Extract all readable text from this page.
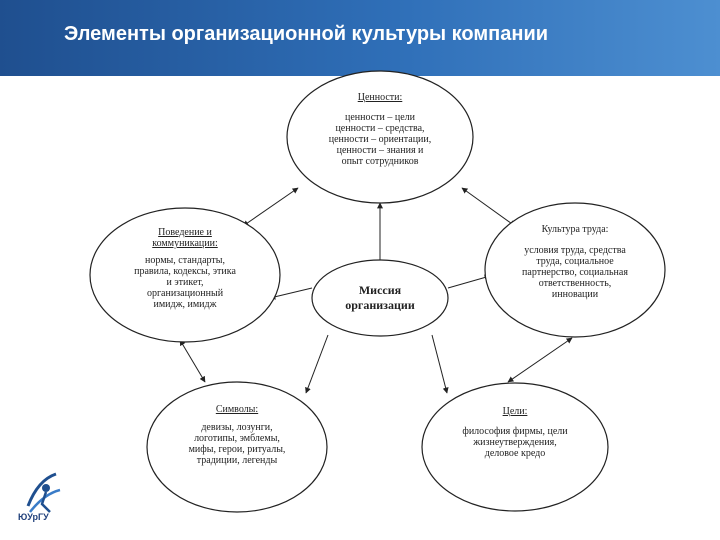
Элементы организационной культуры компании
Ценности:
ценности – цели
ценности – средства,
ценности – ориентации,
ценности – знания и
опыт сотрудников
Поведение и
коммуникации:
нормы, стандарты,
правила, кодексы, этика
и этикет,
организационный
имидж, имидж
Культура труда:
условия труда, средства
труда, социальное
партнерство, социальная
ответственность,
инновации
Миссия
организации
Символы:
девизы, лозунги,
логотипы, эмблемы,
мифы, герои, ритуалы,
традиции, легенды
Цели:
философия фирмы, цели
жизнеутверждения,
деловое кредо
ЮУрГУ
